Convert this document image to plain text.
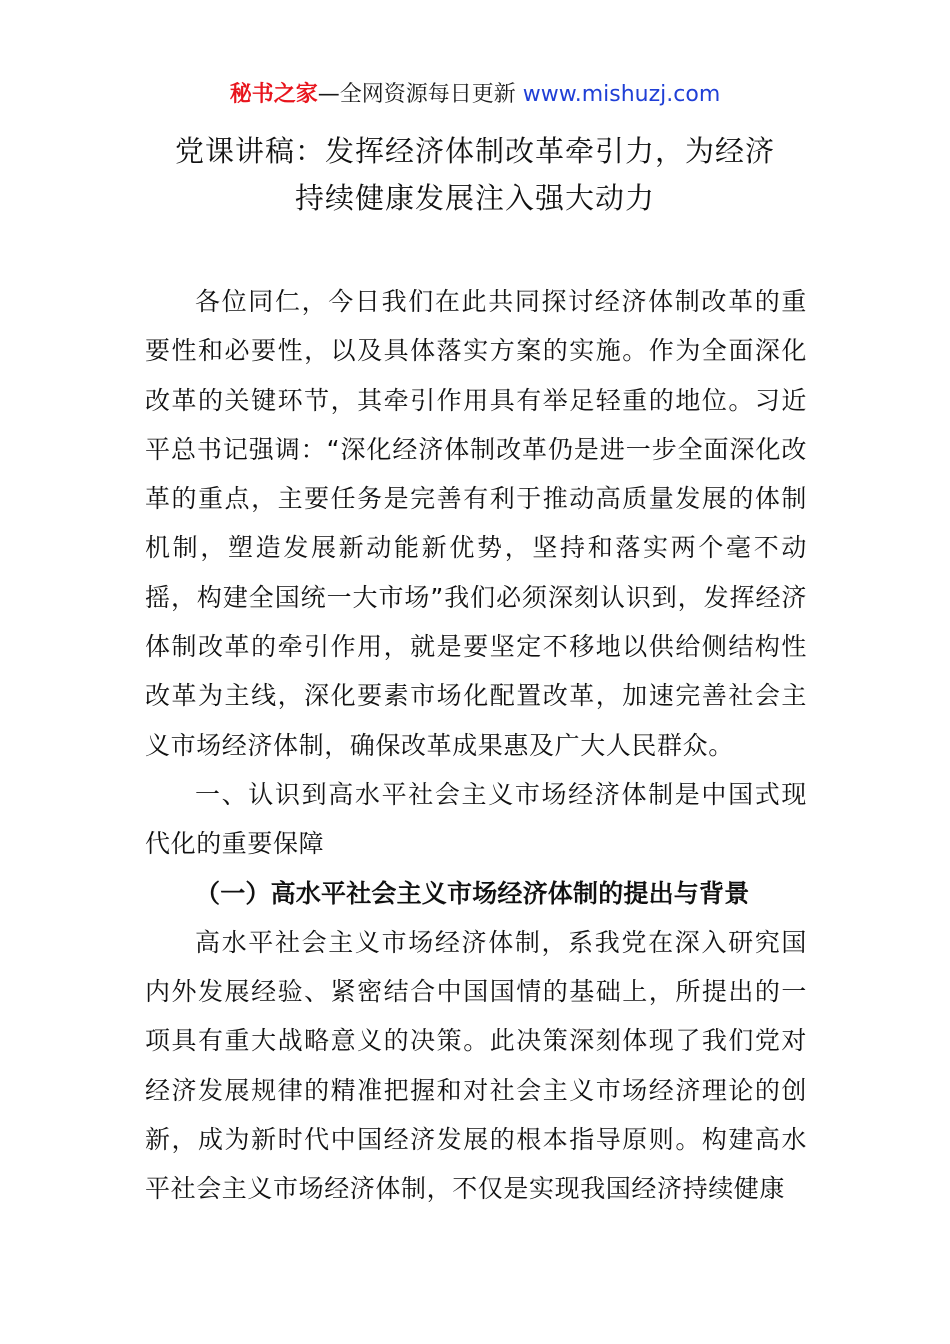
秘书之家—全网资源每日更新 www.mishuzj.com
党课讲稿：发挥经济体制改革牵引力，为经济
持续健康发展注入强大动力

各位同仁，今日我们在此共同探讨经济体制改革的重要性和必要性，以及具体落实方案的实施。作为全面深化改革的关键环节，其牵引作用具有举足轻重的地位。习近平总书记强调：“深化经济体制改革仍是进一步全面深化改革的重点，主要任务是完善有利于推动高质量发展的体制机制，塑造发展新动能新优势，坚持和落实两个毫不动摇，构建全国统一大市场”我们必须深刻认识到，发挥经济体制改革的牵引作用，就是要坚定不移地以供给侧结构性改革为主线，深化要素市场化配置改革，加速完善社会主义市场经济体制，确保改革成果惠及广大人民群众。

一、认识到高水平社会主义市场经济体制是中国式现代化的重要保障

（一）高水平社会主义市场经济体制的提出与背景

高水平社会主义市场经济体制，系我党在深入研究国内外发展经验、紧密结合中国国情的基础上，所提出的一项具有重大战略意义的决策。此决策深刻体现了我们党对经济发展规律的精准把握和对社会主义市场经济理论的创新，成为新时代中国经济发展的根本指导原则。构建高水平社会主义市场经济体制，不仅是实现我国经济持续健康
